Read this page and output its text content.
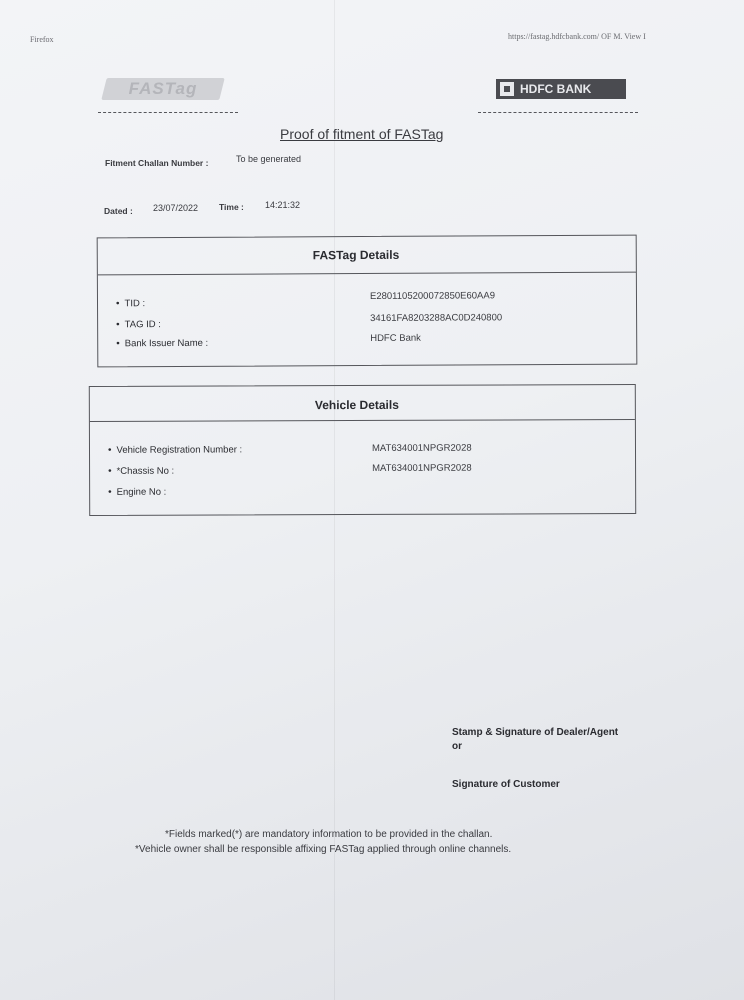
Firefox	https://fastag.hdfcbank.com/ OF M. View I
FASTag	HDFC BANK
Proof of fitment of FASTag
Fitment Challan Number :	To be generated
Dated : 23/07/2022 Time : 14:21:32
FASTag Details
• TID :
E2801105200072850E60AA9
• TAG ID :
34161FA8203288AC0D240800
• Bank Issuer Name :	HDFC Bank
Vehicle Details
• Vehicle Registration Number :	MAT634001NPGR2028
• *Chassis No :	MAT634001NPGR2028
• Engine No :
Stamp & Signature of Dealer/Agent
or
Signature of Customer
*Fields marked(*) are mandatory information to be provided in the challan.
*Vehicle owner shall be responsible affixing FASTag applied through online channels.
